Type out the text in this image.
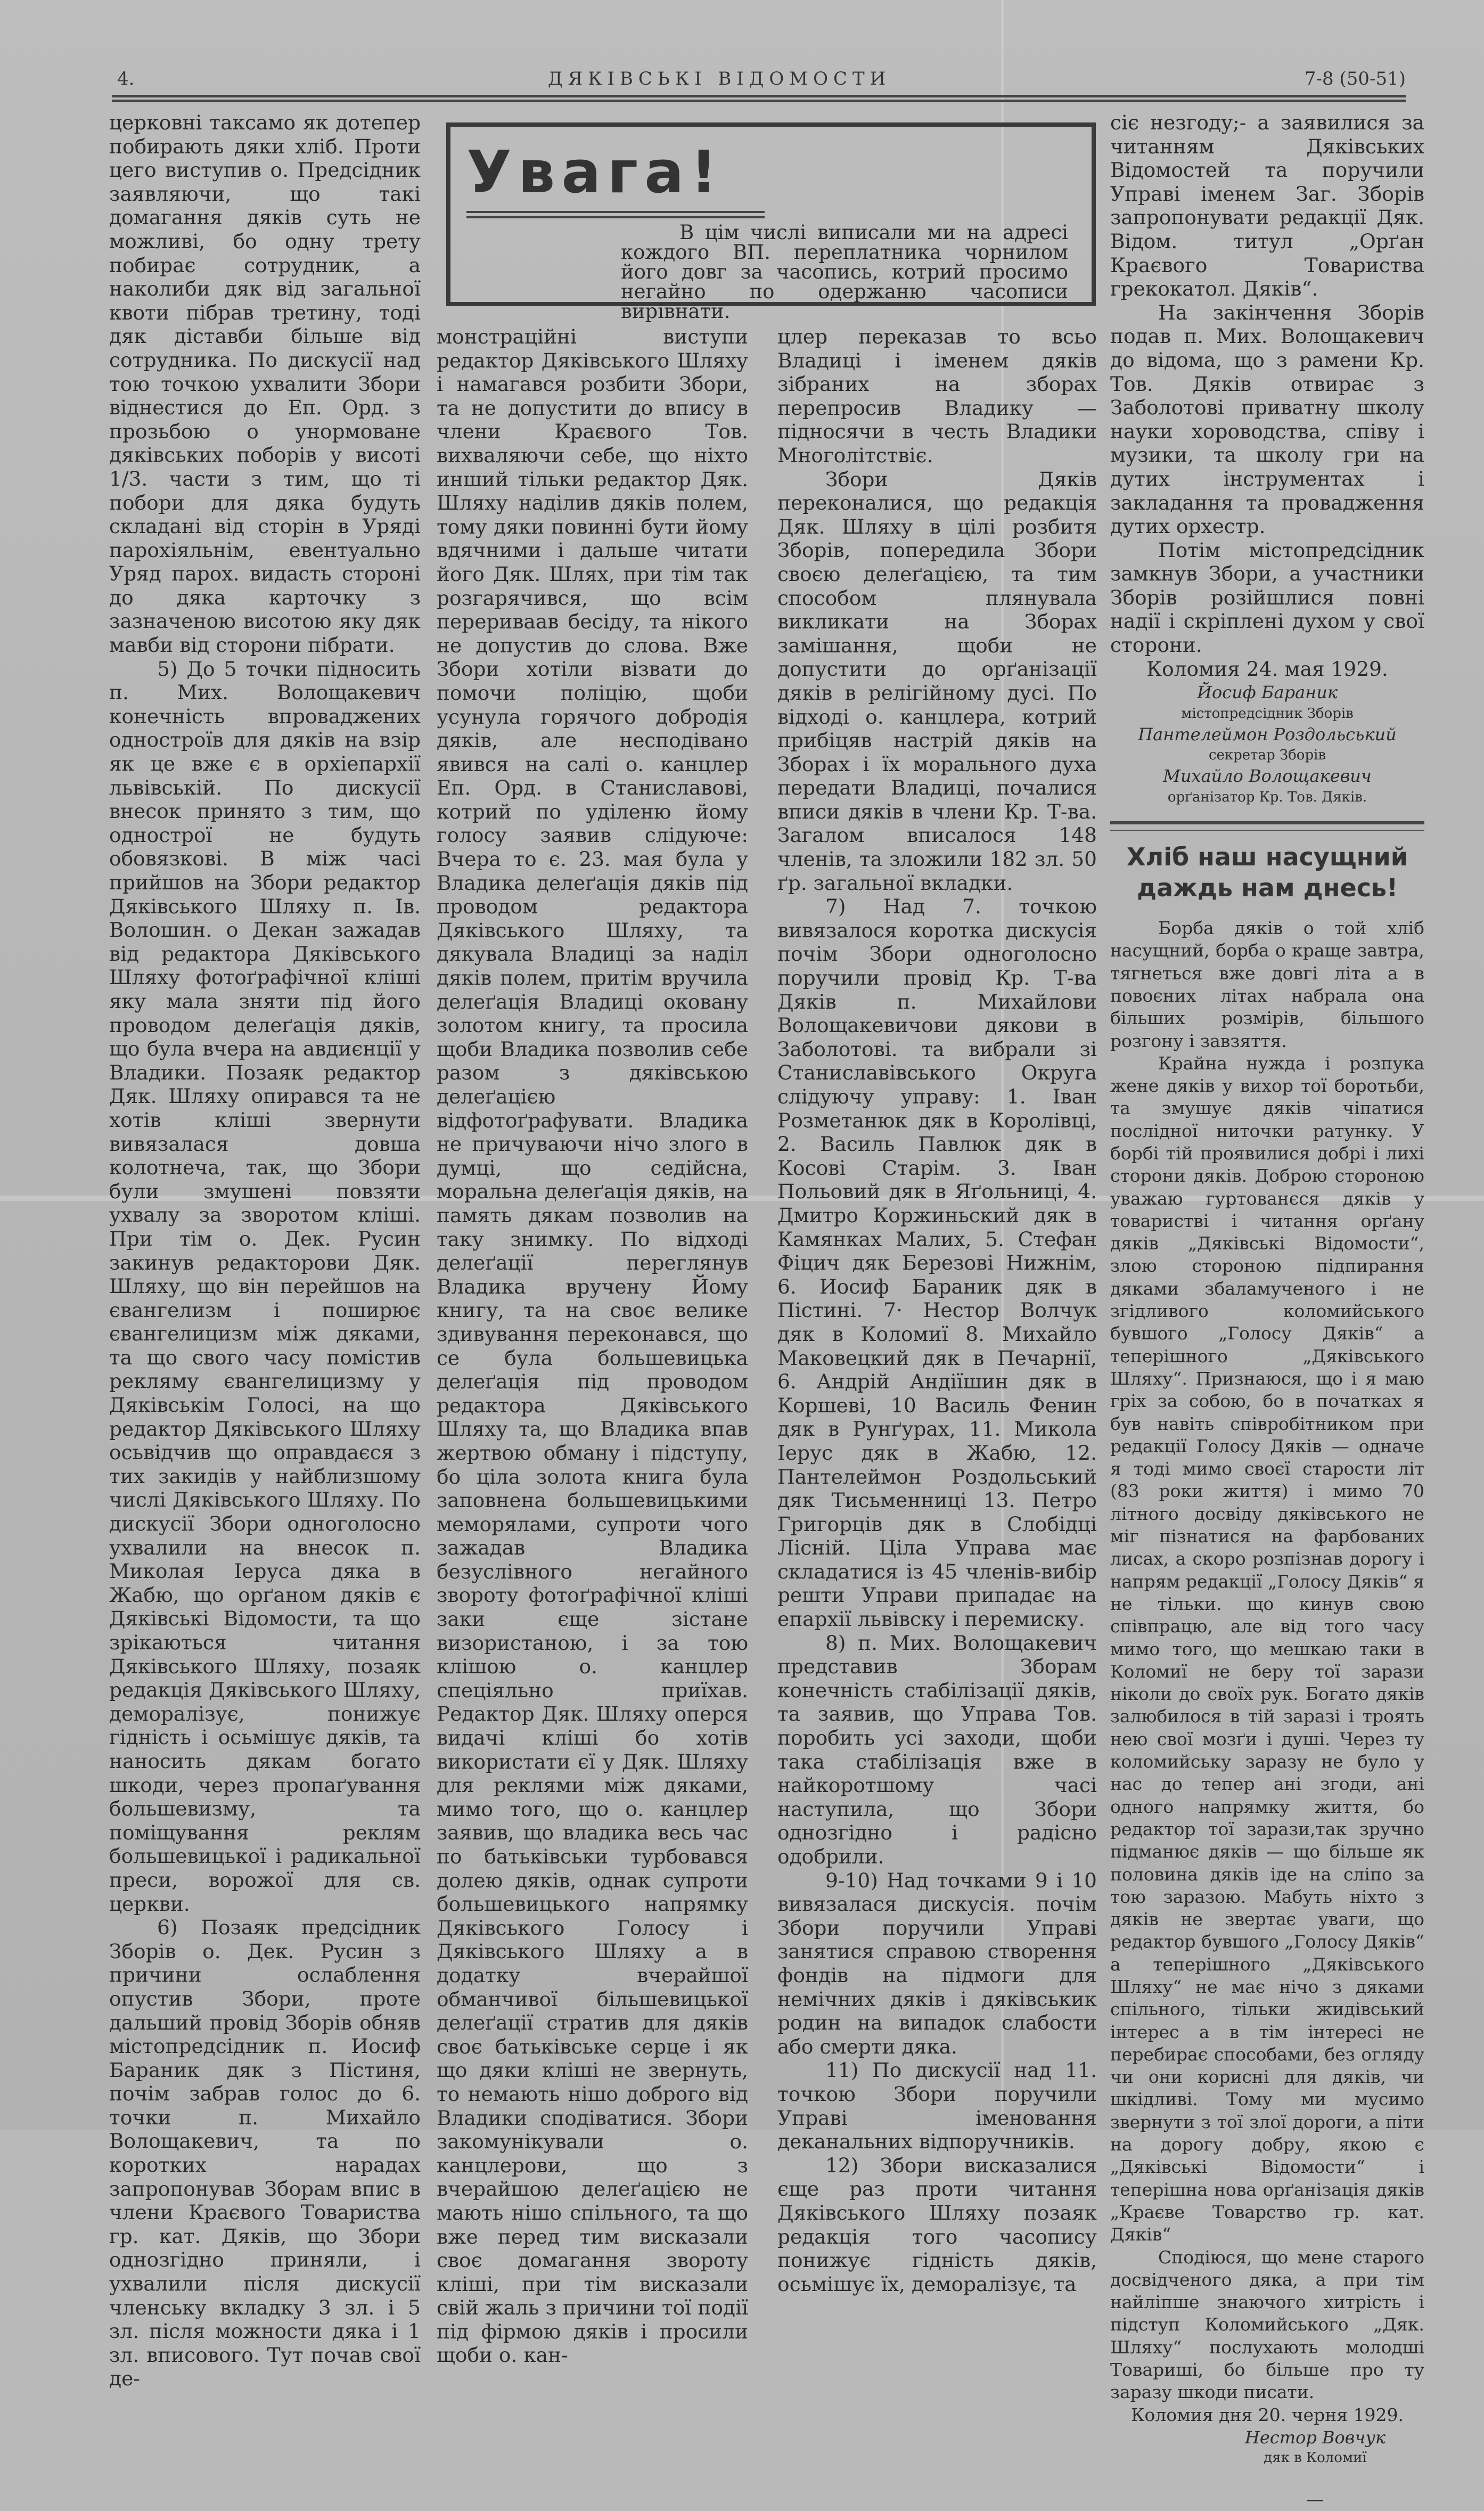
4.	ДЯКІВСЬКІ ВІДОМОСТИ	7-8 (50-51)
Увага!
В цім числі виписали ми на адресі кождого ВП. переплатника чорнилом його довг за часопись, котрий просимо негайно по одержаню часописи вирівнати.

церковні таксамо як дотепер побирають дяки хліб. Проти цего виступив о. Предсідник заявляючи, що такі домагання дяків суть не можливі, бо одну трету побирає сотрудник, а наколиби дяк від загальної квоти пібрав третину, тоді дяк діставби більше від сотрудника. По дискусії над тою точкою ухвалити Збори віднестися до Еп. Орд. з прозьбою о унормоване дяківських поборів у висоті 1/3. части з тим, що ті побори для дяка будуть складані від сторін в Уряді парохіяльнім, евентуально Уряд парох. видасть стороні до дяка карточку з зазначеною висотою яку дяк мавби від сторони пібрати.

5) До 5 точки підносить п. Мих. Волощакевич конечність впроваджених одностроїв для дяків на взір як це вже є в орхіепархії львівській. По дискусії внесок принято з тим, що однострої не будуть обовязкові. В між часі прийшов на Збори редактор Дяківського Шляху п. Ів. Волошин. о Декан зажадав від редактора Дяківського Шляху фотоґрафічної кліші яку мала зняти під його проводом делеґація дяків, що була вчера на авдиєнції у Владики. Позаяк редактор Дяк. Шляху опирався та не хотів кліші звернути вивязалася довша колотнеча, так, що Збори були змушені повзяти ухвалу за зворотом кліші. При тім о. Дек. Русин закинув редакторови Дяк. Шляху, що він перейшов на євангелизм і поширює євангелицизм між дяками, та що свого часу помістив рекляму євангелицизму у Дяківськім Голосі, на що редактор Дяківського Шляху осьвідчив що оправдаєся з тих закидів у найблизшому числі Дяківського Шляху. По дискусії Збори одноголосно ухвалили на внесок п. Миколая Іеруса дяка в Жабю, що орґаном дяків є Дяківські Відомости, та що зрікаються читання Дяківського Шляху, позаяк редакція Дяківського Шляху, деморалізує, понижує гідність і осьмішує дяків, та наносить дякам богато шкоди, через пропаґування большевизму, та поміщування реклям большевицької і радикальної преси, ворожої для св. церкви.

6) Позаяк предсідник Зборів о. Дек. Русин з причини ослаблення опустив Збори, проте дальший провід Зборів обняв містопредсідник п. Иосиф Бараник дяк з Пістиня, почім забрав голос до 6. точки п. Михайло Волощакевич, та по коротких нарадах запропонував Зборам впис в члени Краєвого Товариства гр. кат. Дяків, що Збори однозгідно приняли, і ухвалили після дискусії членську вкладку 3 зл. і 5 зл. після можности дяка і 1 зл. вписового. Тут почав свої де-

монстраційні виступи редактор Дяківського Шляху і намагався розбити Збори, та не допустити до впису в члени Краєвого Тов. вихваляючи себе, що ніхто инший тільки редактор Дяк. Шляху наділив дяків полем, тому дяки повинні бути йому вдячними і дальше читати його Дяк. Шлях, при тім так розгарячився, що всім перериваав бесіду, та нікого не допустив до слова. Вже Збори хотіли візвати до помочи поліцію, щоби усунула горячого добродія дяків, але несподівано явився на салі о. канцлер Еп. Орд. в Станиславові, котрий по уділеню йому голосу заявив слідуюче: Вчера то є. 23. мая була у Владика делеґація дяків під проводом редактора Дяківського Шляху, та дякувала Владиці за наділ дяків полем, притім вручила делеґація Владиці оковану золотом книгу, та просила щоби Владика позволив себе разом з дяківською делеґацією відфотоґрафувати. Владика не причуваючи нічо злого в думці, що седійсна, моральна делеґація дяків, на память дякам позволив на таку знимку. По відході делеґації переглянув Владика вручену Йому книгу, та на своє велике здивування переконався, що се була большевицька делеґація під проводом редактора Дяківського Шляху та, що Владика впав жертвою обману і підступу, бо ціла золота книга була заповнена большевицькими меморялами, супроти чого зажадав Владика безуслівного негайного звороту фотоґрафічної кліші заки єще зістане визористаною, і за тою клішою о. канцлер спеціяльно приїхав. Редактор Дяк. Шляху оперся видачі кліші бо хотів використати єї у Дяк. Шляху для реклями між дяками, мимо того, що о. канцлер заявив, що владика весь час по батьківськи турбовався долею дяків, однак супроти большевицького напрямку Дяківського Голосу і Дяківського Шляху а в додатку вчерайшої обманчивої більшевицької делеґації стратив для дяків своє батьківське серце і як що дяки кліші не звернуть, то немають нішо доброго від Владики сподіватися. Збори закомунікували о. канцлерови, що з вчерайшою делеґацією не мають нішо спільного, та що вже перед тим висказали своє домагання звороту кліші, при тім висказали свій жаль з причини тої події під фірмою дяків і просили щоби о. кан-

цлер переказав то всьо Владиці і іменем дяків зібраних на зборах перепросив Владику —підносячи в честь Владики Многолітствіє.

Збори Дяків переконалися, що редакція Дяк. Шляху в цілі розбитя Зборів, попередила Збори своєю делеґацією, та тим способом плянувала викликати на Зборах замішання, щоби не допустити до орґанізації дяків в релігійному дусі. По відході о. канцлера, котрий прибіцяв настрій дяків на Зборах і їх морального духа передати Владиці, почалися вписи дяків в члени Кр. Т-ва. Загалом вписалося 148 членів, та зложили 182 зл. 50 ґр. загальної вкладки.

7) Над 7. точкою вивязалося коротка дискусія почім Збори одноголосно поручили провід Кр. Т-ва Дяків п. Михайлови Волощакевичови дякови в Заболотові. та вибрали зі Станиславівського Округа слідуючу управу: 1. Іван Розметанюк дяк в Королівці, 2. Василь Павлюк дяк в Косові Старім. 3. Іван Польовий дяк в Яґольниці, 4. Дмитро Коржиньский дяк в Камянках Малих, 5. Стефан Фіцич дяк Березові Нижнім, 6. Иосиф Бараник дяк в Пістині. 7· Нестор Волчук дяк в Коломиї 8. Михайло Маковецкий дяк в Печарнії, 6. Андрій Андіїшин дяк в Коршеві, 10 Василь Фенин дяк в Рунґурах, 11. Микола Іерус дяк в Жабю, 12. Пантелеймон Роздольський дяк Тисьменниці 13. Петро Григорців дяк в Слобідці Лісній. Ціла Управа має складатися із 45 членів-вибір решти Управи припадає на епархії львівску і перемиску.

8) п. Мих. Волощакевич представив Зборам конечність стабілізації дяків, та заявив, що Управа Тов. поробить усі заходи, щоби така стабілізація вже в найкоротшому часі наступила, що Збори однозгідно і радісно одобрили.

9-10) Над точками 9 і 10 вивязалася дискусія. почім Збори поручили Управі занятися справою створення фондів на підмоги для немічних дяків і дяківськик родин на випадок слабости або смерти дяка.

11) По дискусії над 11. точкою Збори поручили Управі іменовання деканальних відпоручників.

12) Збори висказалися єще раз проти читання Дяківського Шляху позаяк редакція того часопису понижує гідність дяків, осьмішує їх, деморалізує, та

сіє незгоду;- а заявилися за читанням Дяківських Відомостей та поручили Управі іменем Заг. Зборів запропонувати редакції Дяк. Відом. титул „Орґан Краєвого Товариства грекокатол. Дяків“.

На закінчення Зборів подав п. Мих. Волощакевич до відома, що з рамени Кр. Тов. Дяків отвирає з Заболотові приватну школу науки хороводства, співу і музики, та школу гри на дутих інструментах і закладання та провадження дутих орхестр.

Потім містопредсідник замкнув Збори, а участники Зборів розійшлися повні надії і скріплені духом у свої сторони.

Коломия 24. мая 1929.

Йосиф Бараник
містопредсідник Зборів
Пантелеймон Роздольський
секретар Зборів
Михайло Волощакевич
орґанізатор Кр. Тов. Дяків.
Хліб наш насущний
даждь нам днесь!

Борба дяків о той хліб насущний, борба о краще завтра, тягнеться вже довгі літа а в повоєних літах набрала она більших розмірів, більшого розгону і завзяття.

Крайна нужда і розпука жене дяків у вихор тої боротьби, та змушує дяків чіпатися послідної ниточки ратунку. У борбі тій проявилися добрі і лихі сторони дяків. Доброю стороною уважаю гуртованєся дяків у товаристві і читання орґану дяків „Дяківські Відомости“, злою стороною підпирання дяками збаламученого і не згідливого коломийського бувшого „Голосу Дяків“ а теперішного „Дяківського Шляху“. Признаюся, що і я маю гріх за собою, бо в початках я був навіть співробітником при редакції Голосу Дяків — одначе я тоді мимо своєї старости літ (83 роки життя) і мимо 70 літного досвіду дяківського не міг пізнатися на фарбованих лисах, а скоро розпізнав дорогу і напрям редакції „Голосу Дяків“ я не тільки. що кинув свою співпрацю, але від того часу мимо того, що мешкаю таки в Коломиї не беру тої зарази ніколи до своїх рук. Богато дяків залюбилося в тій заразі і троять нею свої мозґи і душі. Через ту коломийську заразу не було у нас до тепер ані згоди, ані одного напрямку життя, бо редактор тої зарази,так зручно підманює дяків — що більше як половина дяків іде на сліпо за тою заразою. Мабуть ніхто з дяків не звертає уваги, що редактор бувшого „Голосу Дяків“ а теперішного „Дяківського Шляху“ не має нічо з дяками спільного, тільки жидівський інтерес а в тім інтересі не перебирає способами, без огляду чи они корисні для дяків, чи шкідливі. Тому ми мусимо звернути з тої злої дороги, а піти на дорогу добру, якою є „Дяківські Відомости“ і теперішна нова орґанізація дяків „Краєве Товарство гр. кат. Дяків“

Сподіюся, що мене старого досвідченого дяка, а при тім найліпше знаючого хитрість і підступ Коломийського „Дяк. Шляху“ послухають молодші Товариші, бо більше про ту заразу шкоди писати.

Коломия дня 20. черня 1929.

Нестор Вовчук
дяк в Коломиї
—
